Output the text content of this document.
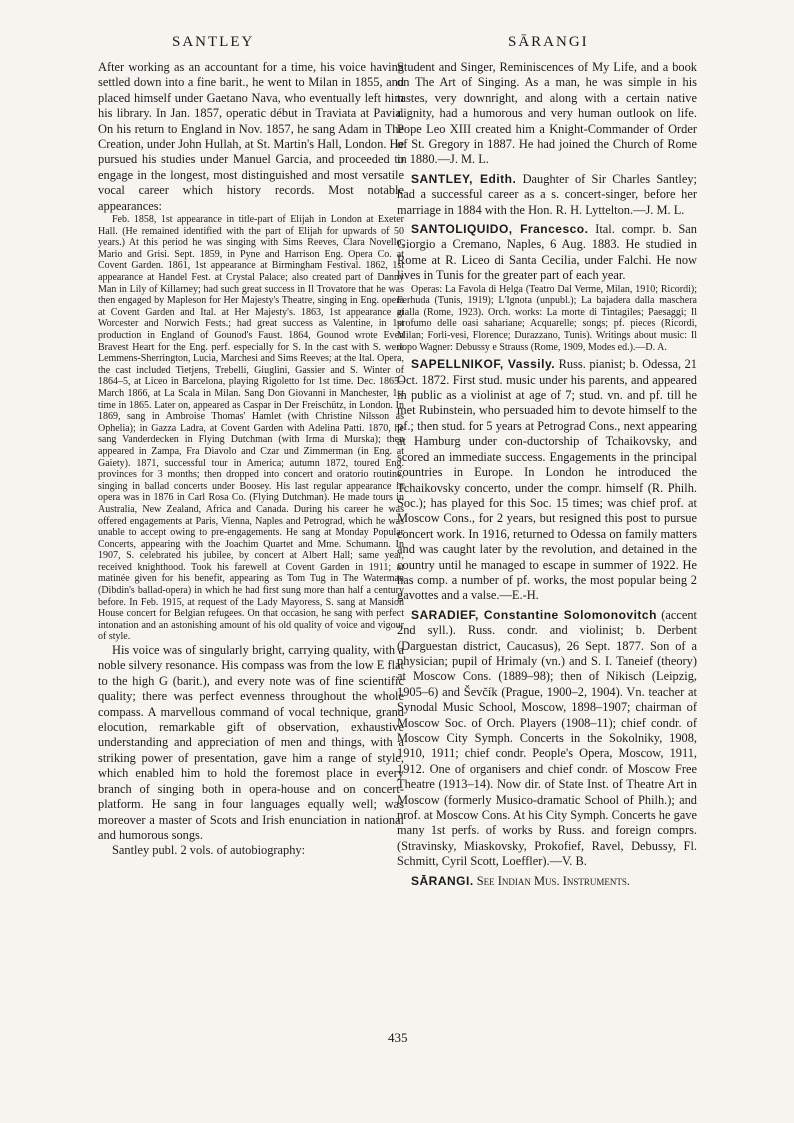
SANTLEY	SĀRANGI

After working as an accountant for a time, his voice having settled down into a fine barit., he went to Milan in 1855, and placed himself under Gaetano Nava, who eventually left him his library. In Jan. 1857, operatic début in Traviata at Pavia. On his return to England in Nov. 1857, he sang Adam in The Creation, under John Hullah, at St. Martin's Hall, London. He pursued his studies under Manuel Garcia, and proceeded to engage in the longest, most distinguished and most versatile vocal career which history records. Most notable appearances:

Feb. 1858, 1st appearance in title-part of Elijah in London at Exeter Hall. (He remained identified with the part of Elijah for upwards of 50 years.) At this period he was singing with Sims Reeves, Clara Novello, Mario and Grisi. Sept. 1859, in Pyne and Harrison Eng. Opera Co. at Covent Garden. 1861, 1st appearance at Birmingham Festival. 1862, 1st appearance at Handel Fest. at Crystal Palace; also created part of Danny Man in Lily of Killarney; had such great success in Il Trovatore that he was then engaged by Mapleson for Her Majesty's Theatre, singing in Eng. opera at Covent Garden and Ital. at Her Majesty's. 1863, 1st appearance at Worcester and Norwich Fests.; had great success as Valentine, in 1st production in England of Gounod's Faust. 1864, Gounod wrote Even Bravest Heart for the Eng. perf. especially for S. In the cast with S. were Lemmens-Sherrington, Lucia, Marchesi and Sims Reeves; at the Ital. Opera, the cast included Tietjens, Trebelli, Giuglini, Gassier and S. Winter of 1864–5, at Liceo in Barcelona, playing Rigoletto for 1st time. Dec. 1865–March 1866, at La Scala in Milan. Sang Don Giovanni in Manchester, 1st time in 1865. Later on, appeared as Caspar in Der Freischütz, in London. In 1869, sang in Ambroise Thomas' Hamlet (with Christine Nilsson as Ophelia); in Gazza Ladra, at Covent Garden with Adelina Patti. 1870, he sang Vanderdecken in Flying Dutchman (with Irma di Murska); then appeared in Zampa, Fra Diavolo and Czar und Zimmerman (in Eng. at Gaiety). 1871, successful tour in America; autumn 1872, toured Eng. provinces for 3 months; then dropped into concert and oratorio routine, singing in ballad concerts under Boosey. His last regular appearance in opera was in 1876 in Carl Rosa Co. (Flying Dutchman). He made tours in Australia, New Zealand, Africa and Canada. During his career he was offered engagements at Paris, Vienna, Naples and Petrograd, which he was unable to accept owing to pre-engagements. He sang at Monday Popular Concerts, appearing with the Joachim Quartet and Mme. Schumann. In 1907, S. celebrated his jubilee, by concert at Albert Hall; same year, received knighthood. Took his farewell at Covent Garden in 1911; at matinée given for his benefit, appearing as Tom Tug in The Waterman (Dibdin's ballad-opera) in which he had first sung more than half a century before. In Feb. 1915, at request of the Lady Mayoress, S. sang at Mansion House concert for Belgian refugees. On that occasion, he sang with perfect intonation and an astonishing amount of his old quality of voice and vigour of style.

His voice was of singularly bright, carrying quality, with a noble silvery resonance. His compass was from the low E flat to the high G (barit.), and every note was of fine scientific quality; there was perfect evenness throughout the whole compass. A marvellous command of vocal technique, grand elocution, remarkable gift of observation, exhaustive understanding and appreciation of men and things, with a striking power of presentation, gave him a range of style, which enabled him to hold the foremost place in every branch of singing both in opera-house and on concert-platform. He sang in four languages equally well; was moreover a master of Scots and Irish enunciation in national and humorous songs.

Santley publ. 2 vols. of autobiography:

Student and Singer, Reminiscences of My Life, and a book on The Art of Singing. As a man, he was simple in his tastes, very downright, and along with a certain native dignity, had a humorous and very human outlook on life. Pope Leo XIII created him a Knight-Commander of Order of St. Gregory in 1887. He had joined the Church of Rome in 1880.—J. M. L.

SANTLEY, Edith. Daughter of Sir Charles Santley; had a successful career as a s. concert-singer, before her marriage in 1884 with the Hon. R. H. Lyttelton.—J. M. L.

SANTOLIQUIDO, Francesco. Ital. compr. b. San Giorgio a Cremano, Naples, 6 Aug. 1883. He studied in Rome at R. Liceo di Santa Cecilia, under Falchi. He now lives in Tunis for the greater part of each year.

Operas: La Favola di Helga (Teatro Dal Verme, Milan, 1910; Ricordi); Ferhuda (Tunis, 1919); L'Ignota (unpubl.); La bajadera dalla maschera gialla (Rome, 1923). Orch. works: La morte di Tintagiles; Paesaggi; Il profumo delle oasi sahariane; Acquarelle; songs; pf. pieces (Ricordi, Milan; Forli-vesi, Florence; Durazzano, Tunis). Writings about music: Il dopo Wagner: Debussy e Strauss (Rome, 1909, Modes ed.).—D. A.

SAPELLNIKOF, Vassily. Russ. pianist; b. Odessa, 21 Oct. 1872. First stud. music under his parents, and appeared in public as a violinist at age of 7; stud. vn. and pf. till he met Rubinstein, who persuaded him to devote himself to the pf.; then stud. for 5 years at Petrograd Cons., next appearing at Hamburg under con-ductorship of Tchaikovsky, and scored an immediate success. Engagements in the principal countries in Europe. In London he introduced the Tchaikovsky concerto, under the compr. himself (R. Philh. Soc.); has played for this Soc. 15 times; was chief prof. at Moscow Cons., for 2 years, but resigned this post to pursue concert work. In 1916, returned to Odessa on family matters and was caught later by the revolution, and detained in the country until he managed to escape in summer of 1922. He has comp. a number of pf. works, the most popular being 2 gavottes and a valse.—E.-H.

SARADIEF, Constantine Solomonovitch (accent 2nd syll.). Russ. condr. and violinist; b. Derbent (Darguestan district, Caucasus), 26 Sept. 1877. Son of a physician; pupil of Hrimaly (vn.) and S. I. Taneief (theory) at Moscow Cons. (1889–98); then of Nikisch (Leipzig, 1905–6) and Ševčík (Prague, 1900–2, 1904). Vn. teacher at Synodal Music School, Moscow, 1898–1907; chairman of Moscow Soc. of Orch. Players (1908–11); chief condr. of Moscow City Symph. Concerts in the Sokolniky, 1908, 1910, 1911; chief condr. People's Opera, Moscow, 1911, 1912. One of organisers and chief condr. of Moscow Free Theatre (1913–14). Now dir. of State Inst. of Theatre Art in Moscow (formerly Musico-dramatic School of Philh.); and prof. at Moscow Cons. At his City Symph. Concerts he gave many 1st perfs. of works by Russ. and foreign comprs. (Stravinsky, Miaskovsky, Prokofief, Ravel, Debussy, Fl. Schmitt, Cyril Scott, Loeffler).—V. B.

SĀRANGI. See Indian Mus. Instruments.

435
